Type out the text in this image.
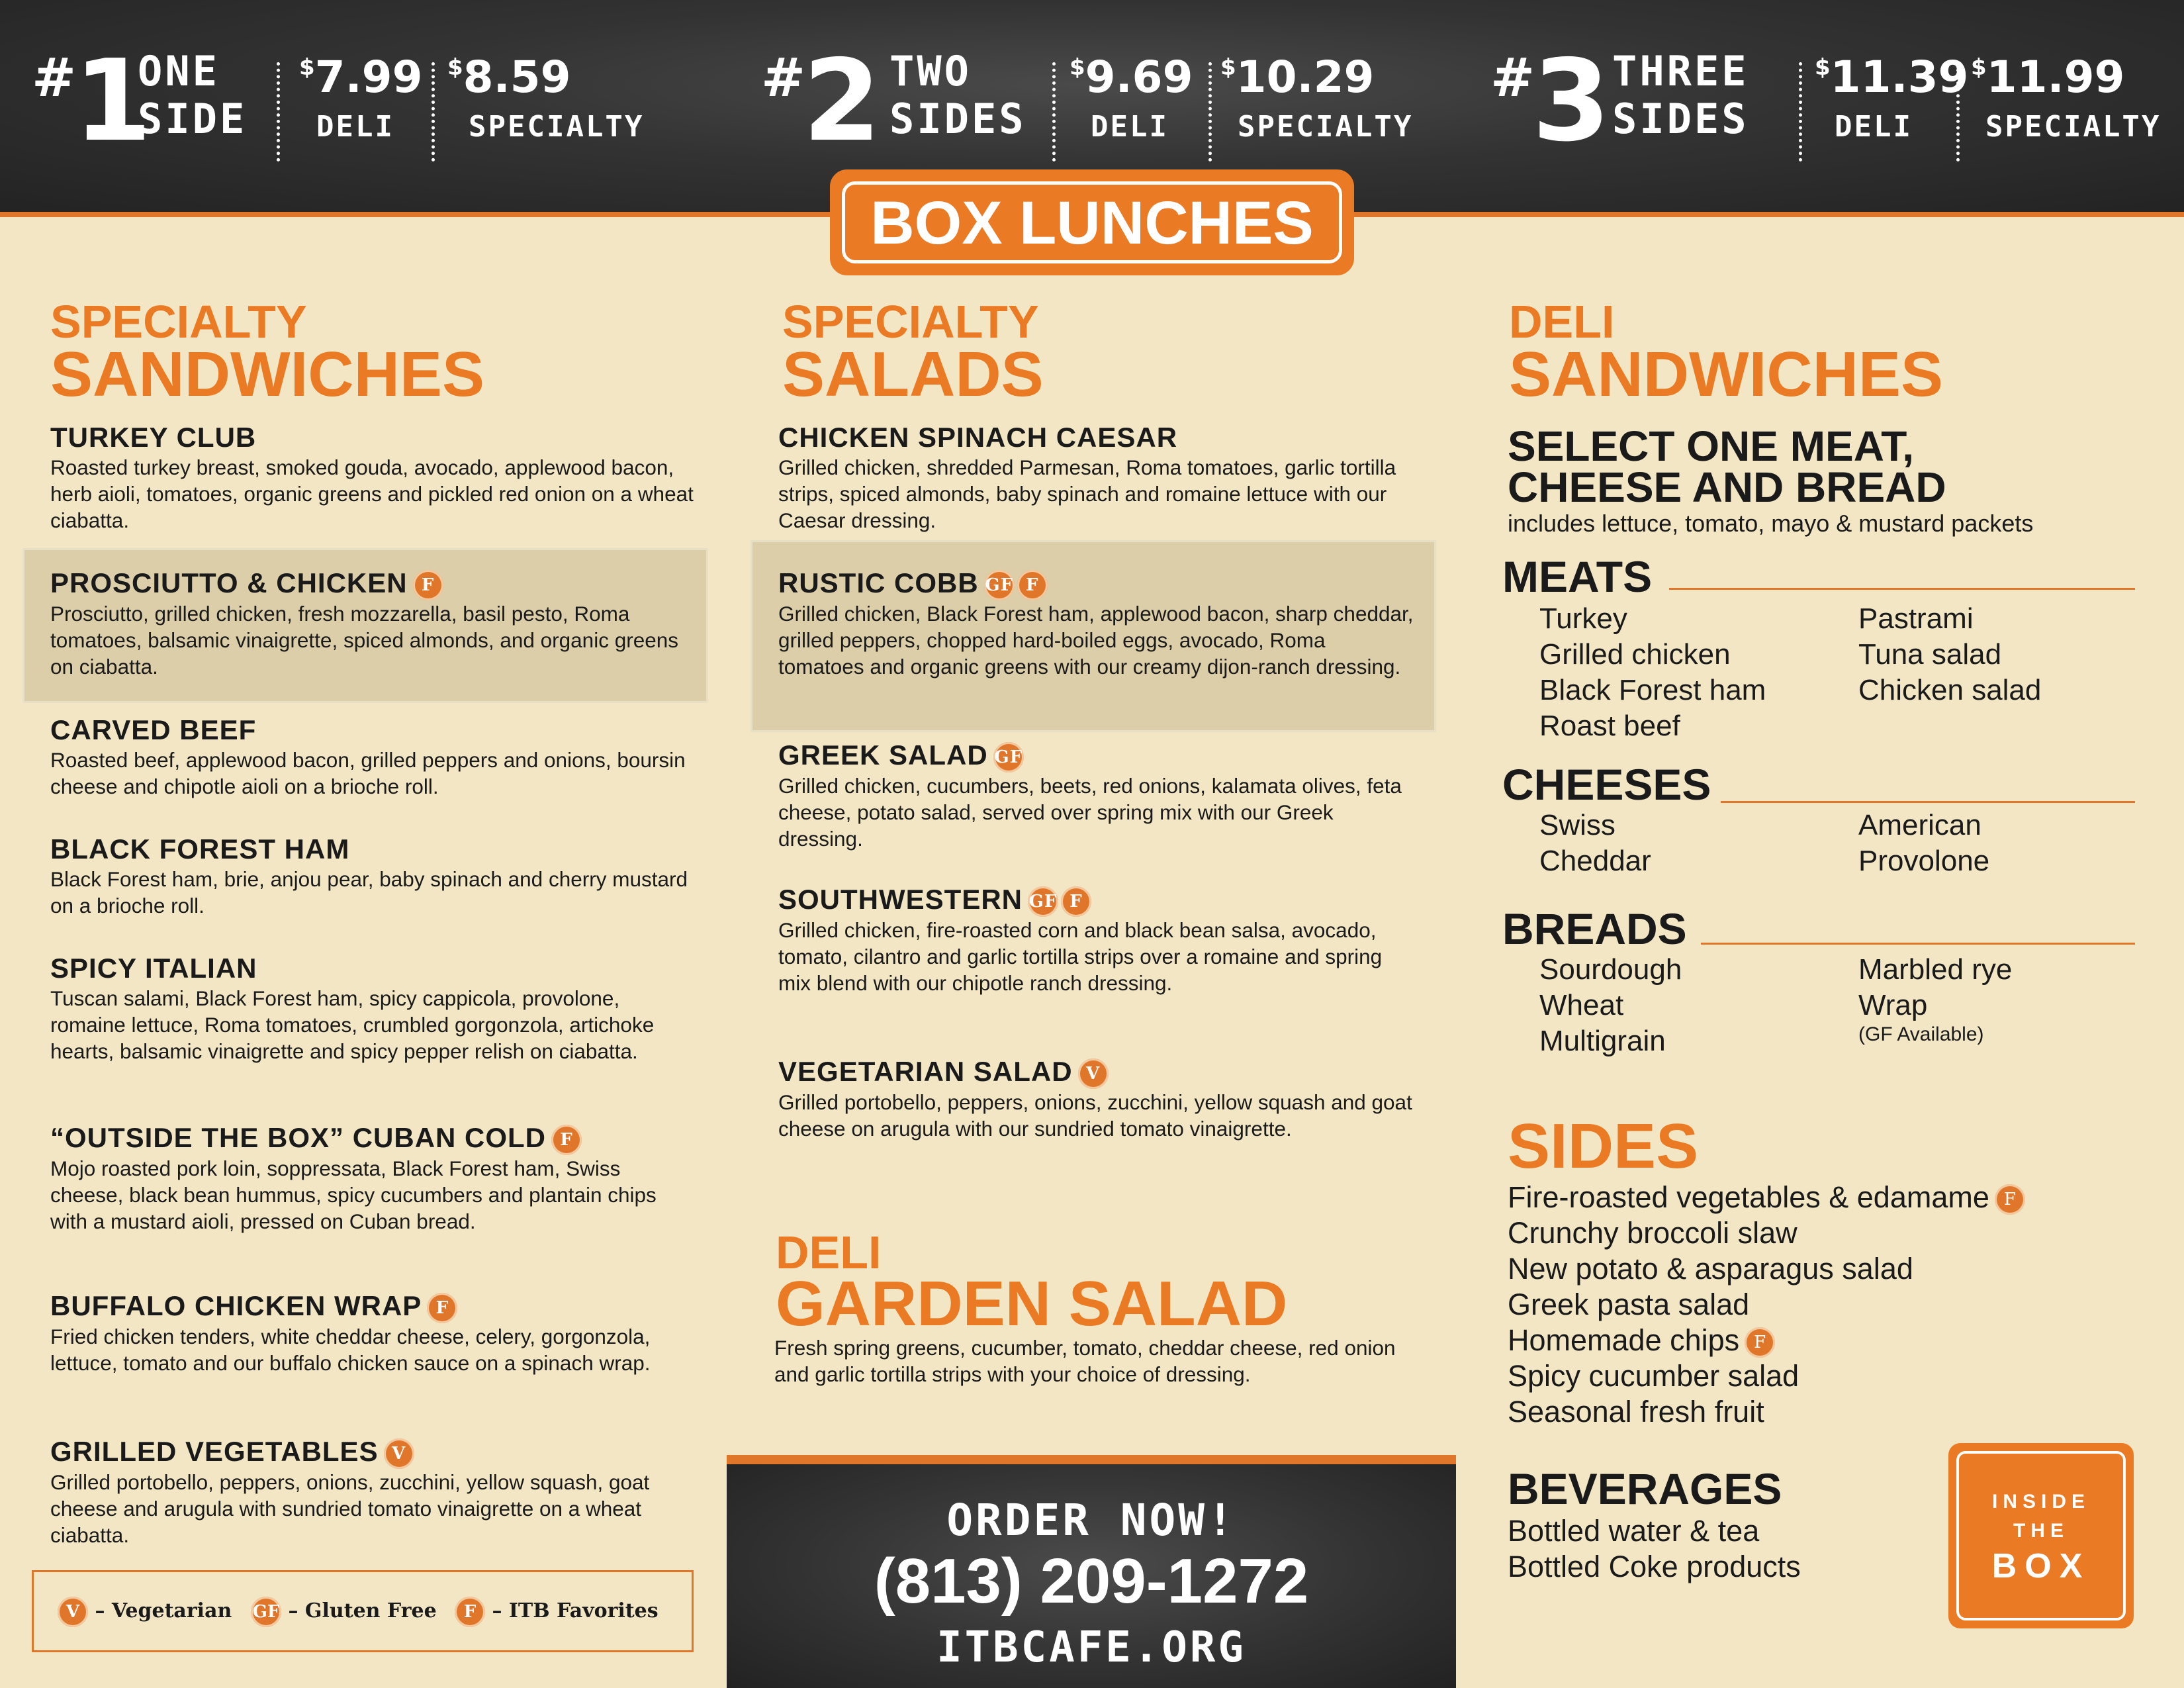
#1
ONE
SIDE
$7.99
DELI
$8.59
SPECIALTY
#2 TWO
SIDES
$9.69
DELI
$10.29
SPECIALTY
#3 THREE
SIDES
$11.39
DELI
$11.99
SPECIALTY
BOX LUNCHES
SPECIALTY
SANDWICHES
TURKEY CLUB
Roasted turkey breast, smoked gouda, avocado, applewood bacon, herb aioli, tomatoes, organic greens and pickled red onion on a wheat ciabatta.
PROSCIUTTO & CHICKEN F
Prosciutto, grilled chicken, fresh mozzarella, basil pesto, Roma tomatoes, balsamic vinaigrette, spiced almonds, and organic greens on ciabatta.
CARVED BEEF
Roasted beef, applewood bacon, grilled peppers and onions, boursin cheese and chipotle aioli on a brioche roll.
BLACK FOREST HAM
Black Forest ham, brie, anjou pear, baby spinach and cherry mustard on a brioche roll.
SPICY ITALIAN
Tuscan salami, Black Forest ham, spicy cappicola, provolone, romaine lettuce, Roma tomatoes, crumbled gorgonzola, artichoke hearts, balsamic vinaigrette and spicy pepper relish on ciabatta.
“OUTSIDE THE BOX” CUBAN COLD F
Mojo roasted pork loin, soppressata, Black Forest ham, Swiss cheese, black bean hummus, spicy cucumbers and plantain chips with a mustard aioli, pressed on Cuban bread.
BUFFALO CHICKEN WRAP F
Fried chicken tenders, white cheddar cheese, celery, gorgonzola, lettuce, tomato and our buffalo chicken sauce on a spinach wrap.
GRILLED VEGETABLES V
Grilled portobello, peppers, onions, zucchini, yellow squash, goat cheese and arugula with sundried tomato vinaigrette on a wheat ciabatta.
V – Vegetarian GF – Gluten Free	F – ITB Favorites
SPECIALTY
SALADS
CHICKEN SPINACH CAESAR
Grilled chicken, shredded Parmesan, Roma tomatoes, garlic tortilla strips, spiced almonds, baby spinach and romaine lettuce with our Caesar dressing.
RUSTIC COBB GF F
Grilled chicken, Black Forest ham, applewood bacon, sharp cheddar, grilled peppers, chopped hard-boiled eggs, avocado, Roma tomatoes and organic greens with our creamy dijon-ranch dressing.
GREEK SALAD GF
Grilled chicken, cucumbers, beets, red onions, kalamata olives, feta cheese, potato salad, served over spring mix with our Greek dressing.
SOUTHWESTERN GF F
Grilled chicken, fire-roasted corn and black bean salsa, avocado, tomato, cilantro and garlic tortilla strips over a romaine and spring mix blend with our chipotle ranch dressing.
VEGETARIAN SALAD V
Grilled portobello, peppers, onions, zucchini, yellow squash and goat cheese on arugula with our sundried tomato vinaigrette.
DELI
GARDEN SALAD
Fresh spring greens, cucumber, tomato, cheddar cheese, red onion and garlic tortilla strips with your choice of dressing.
ORDER NOW!
(813) 209-1272
ITBCAFE.ORG
DELI
SANDWICHES
SELECT ONE MEAT,
CHEESE AND BREAD
includes lettuce, tomato, mayo & mustard packets
MEATS
Turkey
Grilled chicken
Black Forest ham
Roast beef
Pastrami
Tuna salad
Chicken salad
CHEESES
Swiss
Cheddar
American
Provolone
BREADS
Sourdough
Wheat
Multigrain
Marbled rye
Wrap
(GF Available)
SIDES
Fire-roasted vegetables & edamame F
Crunchy broccoli slaw
New potato & asparagus salad
Greek pasta salad
Homemade chips F
Spicy cucumber salad
Seasonal fresh fruit
BEVERAGES
Bottled water & tea
Bottled Coke products
INSIDE
THE
BOX
